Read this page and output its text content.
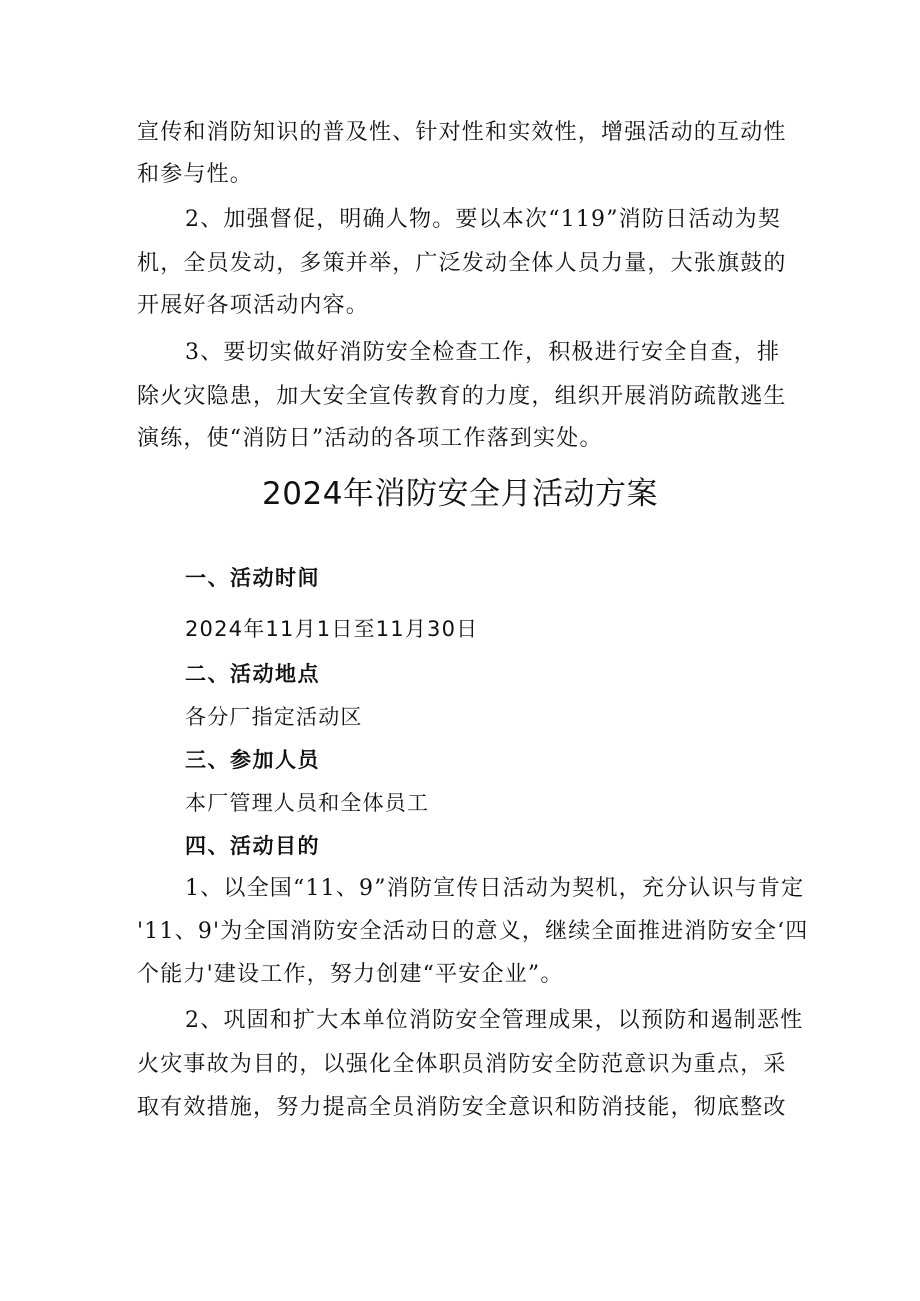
宣传和消防知识的普及性、针对性和实效性，增强活动的互动性
和参与性。
2、加强督促，明确人物。要以本次“119”消防日活动为契
机，全员发动，多策并举，广泛发动全体人员力量，大张旗鼓的
开展好各项活动内容。
3、要切实做好消防安全检查工作，积极进行安全自查，排
除火灾隐患，加大安全宣传教育的力度，组织开展消防疏散逃生
演练，使“消防日”活动的各项工作落到实处。
2024年消防安全月活动方案
一、活动时间
2024年11月1日至11月30日
二、活动地点
各分厂指定活动区
三、参加人员
本厂管理人员和全体员工
四、活动目的
1、以全国“11、9”消防宣传日活动为契机，充分认识与肯定
'11、9'为全国消防安全活动日的意义，继续全面推进消防安全‘四
个能力'建设工作，努力创建“平安企业”。
2、巩固和扩大本单位消防安全管理成果，以预防和遏制恶性
火灾事故为目的，以强化全体职员消防安全防范意识为重点，采
取有效措施，努力提高全员消防安全意识和防消技能，彻底整改
